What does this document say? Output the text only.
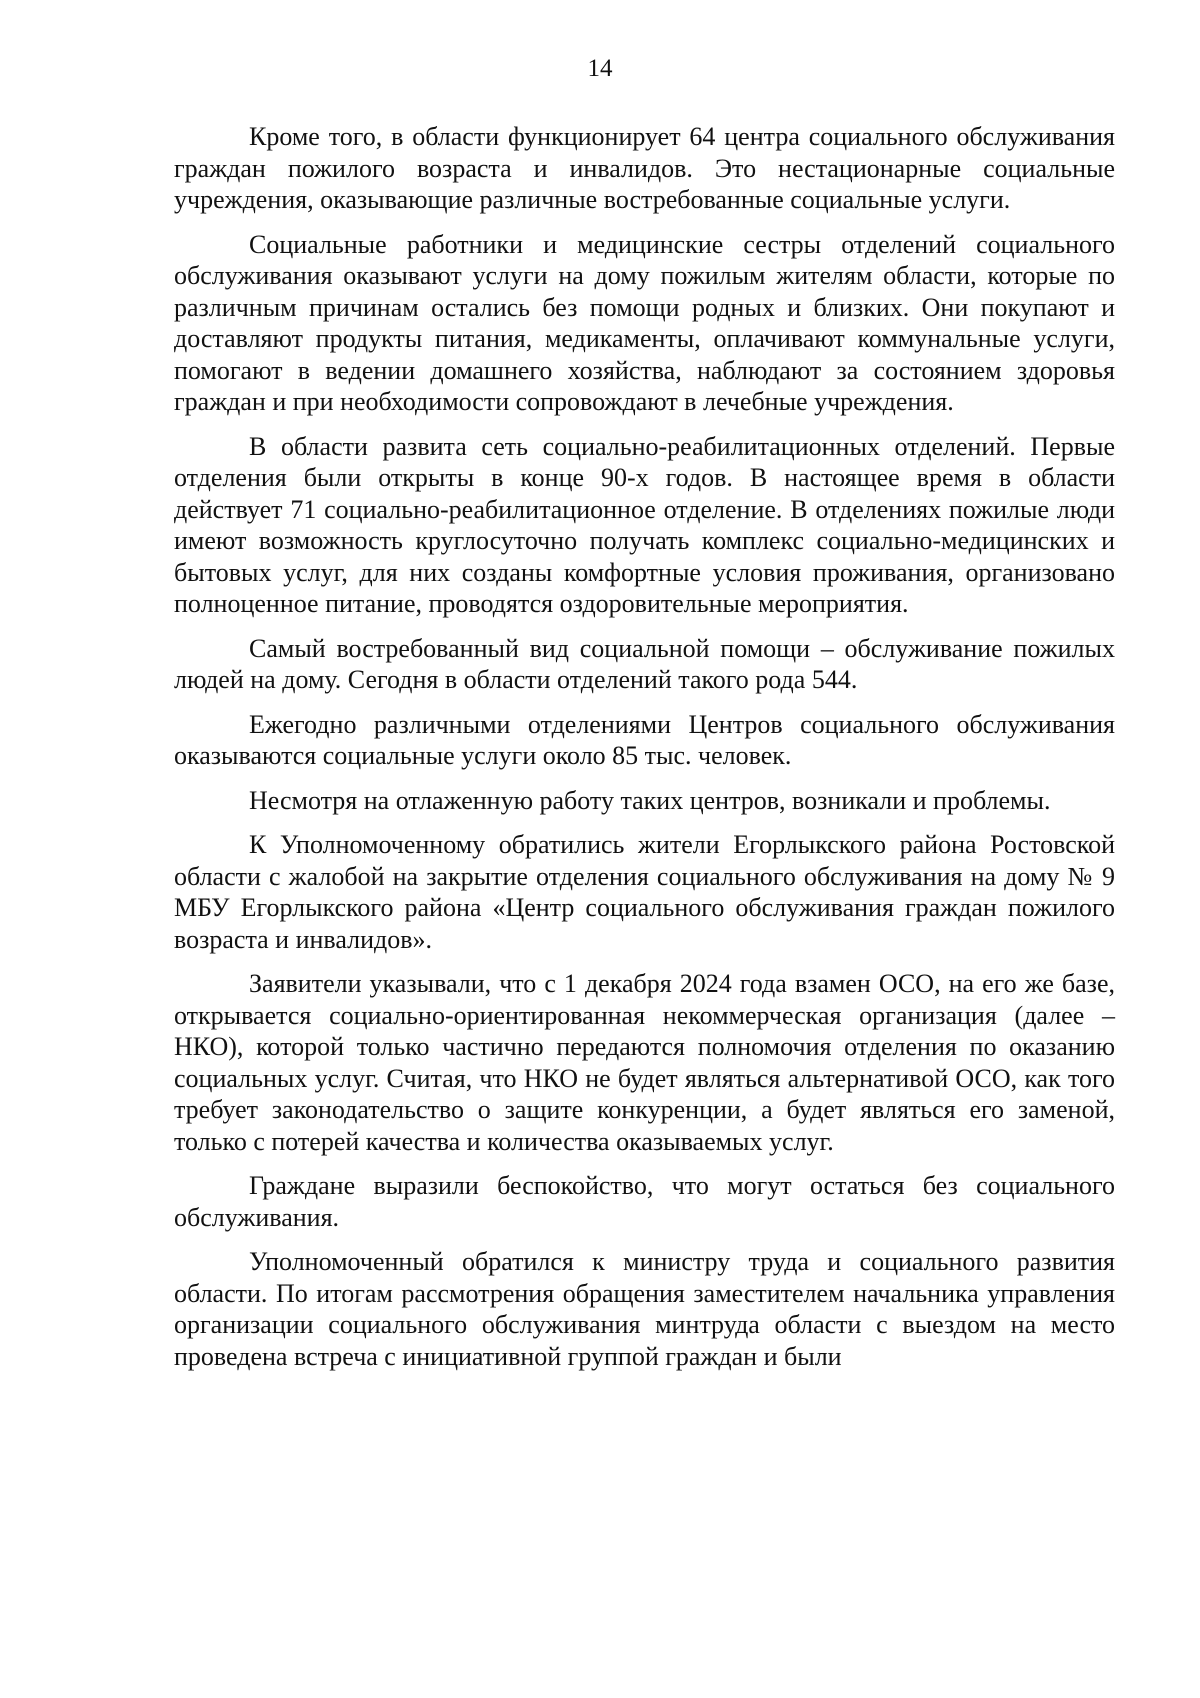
14

Кроме того, в области функционирует 64 центра социального обслуживания граждан пожилого возраста и инвалидов. Это нестационарные социальные учреждения, оказывающие различные востребованные социальные услуги.

Социальные работники и медицинские сестры отделений социального обслуживания оказывают услуги на дому пожилым жителям области, которые по различным причинам остались без помощи родных и близких. Они покупают и доставляют продукты питания, медикаменты, оплачивают коммунальные услуги, помогают в ведении домашнего хозяйства, наблюдают за состоянием здоровья граждан и при необходимости сопровождают в лечебные учреждения.

В области развита сеть социально-реабилитационных отделений. Первые отделения были открыты в конце 90-х годов. В настоящее время в области действует 71 социально-реабилитационное отделение. В отделениях пожилые люди имеют возможность круглосуточно получать комплекс социально-медицинских и бытовых услуг, для них созданы комфортные условия проживания, организовано полноценное питание, проводятся оздоровительные мероприятия.

Самый востребованный вид социальной помощи – обслуживание пожилых людей на дому. Сегодня в области отделений такого рода 544.

Ежегодно различными отделениями Центров социального обслуживания оказываются социальные услуги около 85 тыс. человек.

Несмотря на отлаженную работу таких центров, возникали и проблемы.

К Уполномоченному обратились жители Егорлыкского района Ростовской области с жалобой на закрытие отделения социального обслуживания на дому № 9 МБУ Егорлыкского района «Центр социального обслуживания граждан пожилого возраста и инвалидов».

Заявители указывали, что с 1 декабря 2024 года взамен ОСО, на его же базе, открывается социально-ориентированная некоммерческая организация (далее – НКО), которой только частично передаются полномочия отделения по оказанию социальных услуг. Считая, что НКО не будет являться альтернативой ОСО, как того требует законодательство о защите конкуренции, а будет являться его заменой, только с потерей качества и количества оказываемых услуг.

Граждане выразили беспокойство, что могут остаться без социального обслуживания.

Уполномоченный обратился к министру труда и социального развития области. По итогам рассмотрения обращения заместителем начальника управления организации социального обслуживания минтруда области с выездом на место проведена встреча с инициативной группой граждан и были
